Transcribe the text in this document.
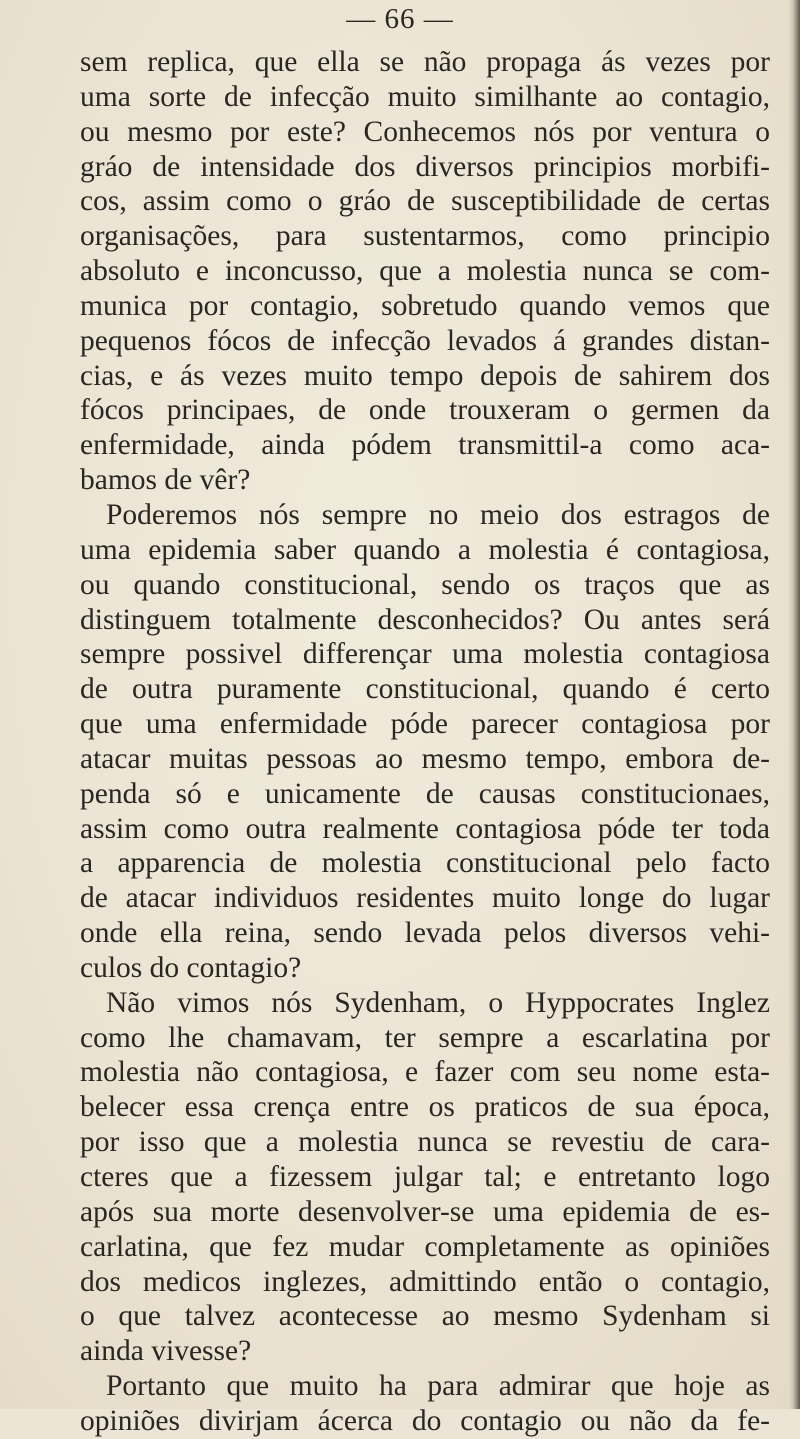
— 66 —
sem replica, que ella se não propaga ás vezes por
uma sorte de infecção muito similhante ao contagio,
ou mesmo por este? Conhecemos nós por ventura o
gráo de intensidade dos diversos principios morbifi-
cos, assim como o gráo de susceptibilidade de certas
organisações, para sustentarmos, como principio
absoluto e inconcusso, que a molestia nunca se com-
munica por contagio, sobretudo quando vemos que
pequenos fócos de infecção levados á grandes distan-
cias, e ás vezes muito tempo depois de sahirem dos
fócos principaes, de onde trouxeram o germen da
enfermidade, ainda pódem transmittil-a como aca-
bamos de vêr?
Poderemos nós sempre no meio dos estragos de
uma epidemia saber quando a molestia é contagiosa,
ou quando constitucional, sendo os traços que as
distinguem totalmente desconhecidos? Ou antes será
sempre possivel differençar uma molestia contagiosa
de outra puramente constitucional, quando é certo
que uma enfermidade póde parecer contagiosa por
atacar muitas pessoas ao mesmo tempo, embora de-
penda só e unicamente de causas constitucionaes,
assim como outra realmente contagiosa póde ter toda
a apparencia de molestia constitucional pelo facto
de atacar individuos residentes muito longe do lugar
onde ella reina, sendo levada pelos diversos vehi-
culos do contagio?
Não vimos nós Sydenham, o Hyppocrates Inglez
como lhe chamavam, ter sempre a escarlatina por
molestia não contagiosa, e fazer com seu nome esta-
belecer essa crença entre os praticos de sua época,
por isso que a molestia nunca se revestiu de cara-
cteres que a fizessem julgar tal; e entretanto logo
após sua morte desenvolver-se uma epidemia de es-
carlatina, que fez mudar completamente as opiniões
dos medicos inglezes, admittindo então o contagio,
o que talvez acontecesse ao mesmo Sydenham si
ainda vivesse?
Portanto que muito ha para admirar que hoje as
opiniões divirjam ácerca do contagio ou não da fe-
